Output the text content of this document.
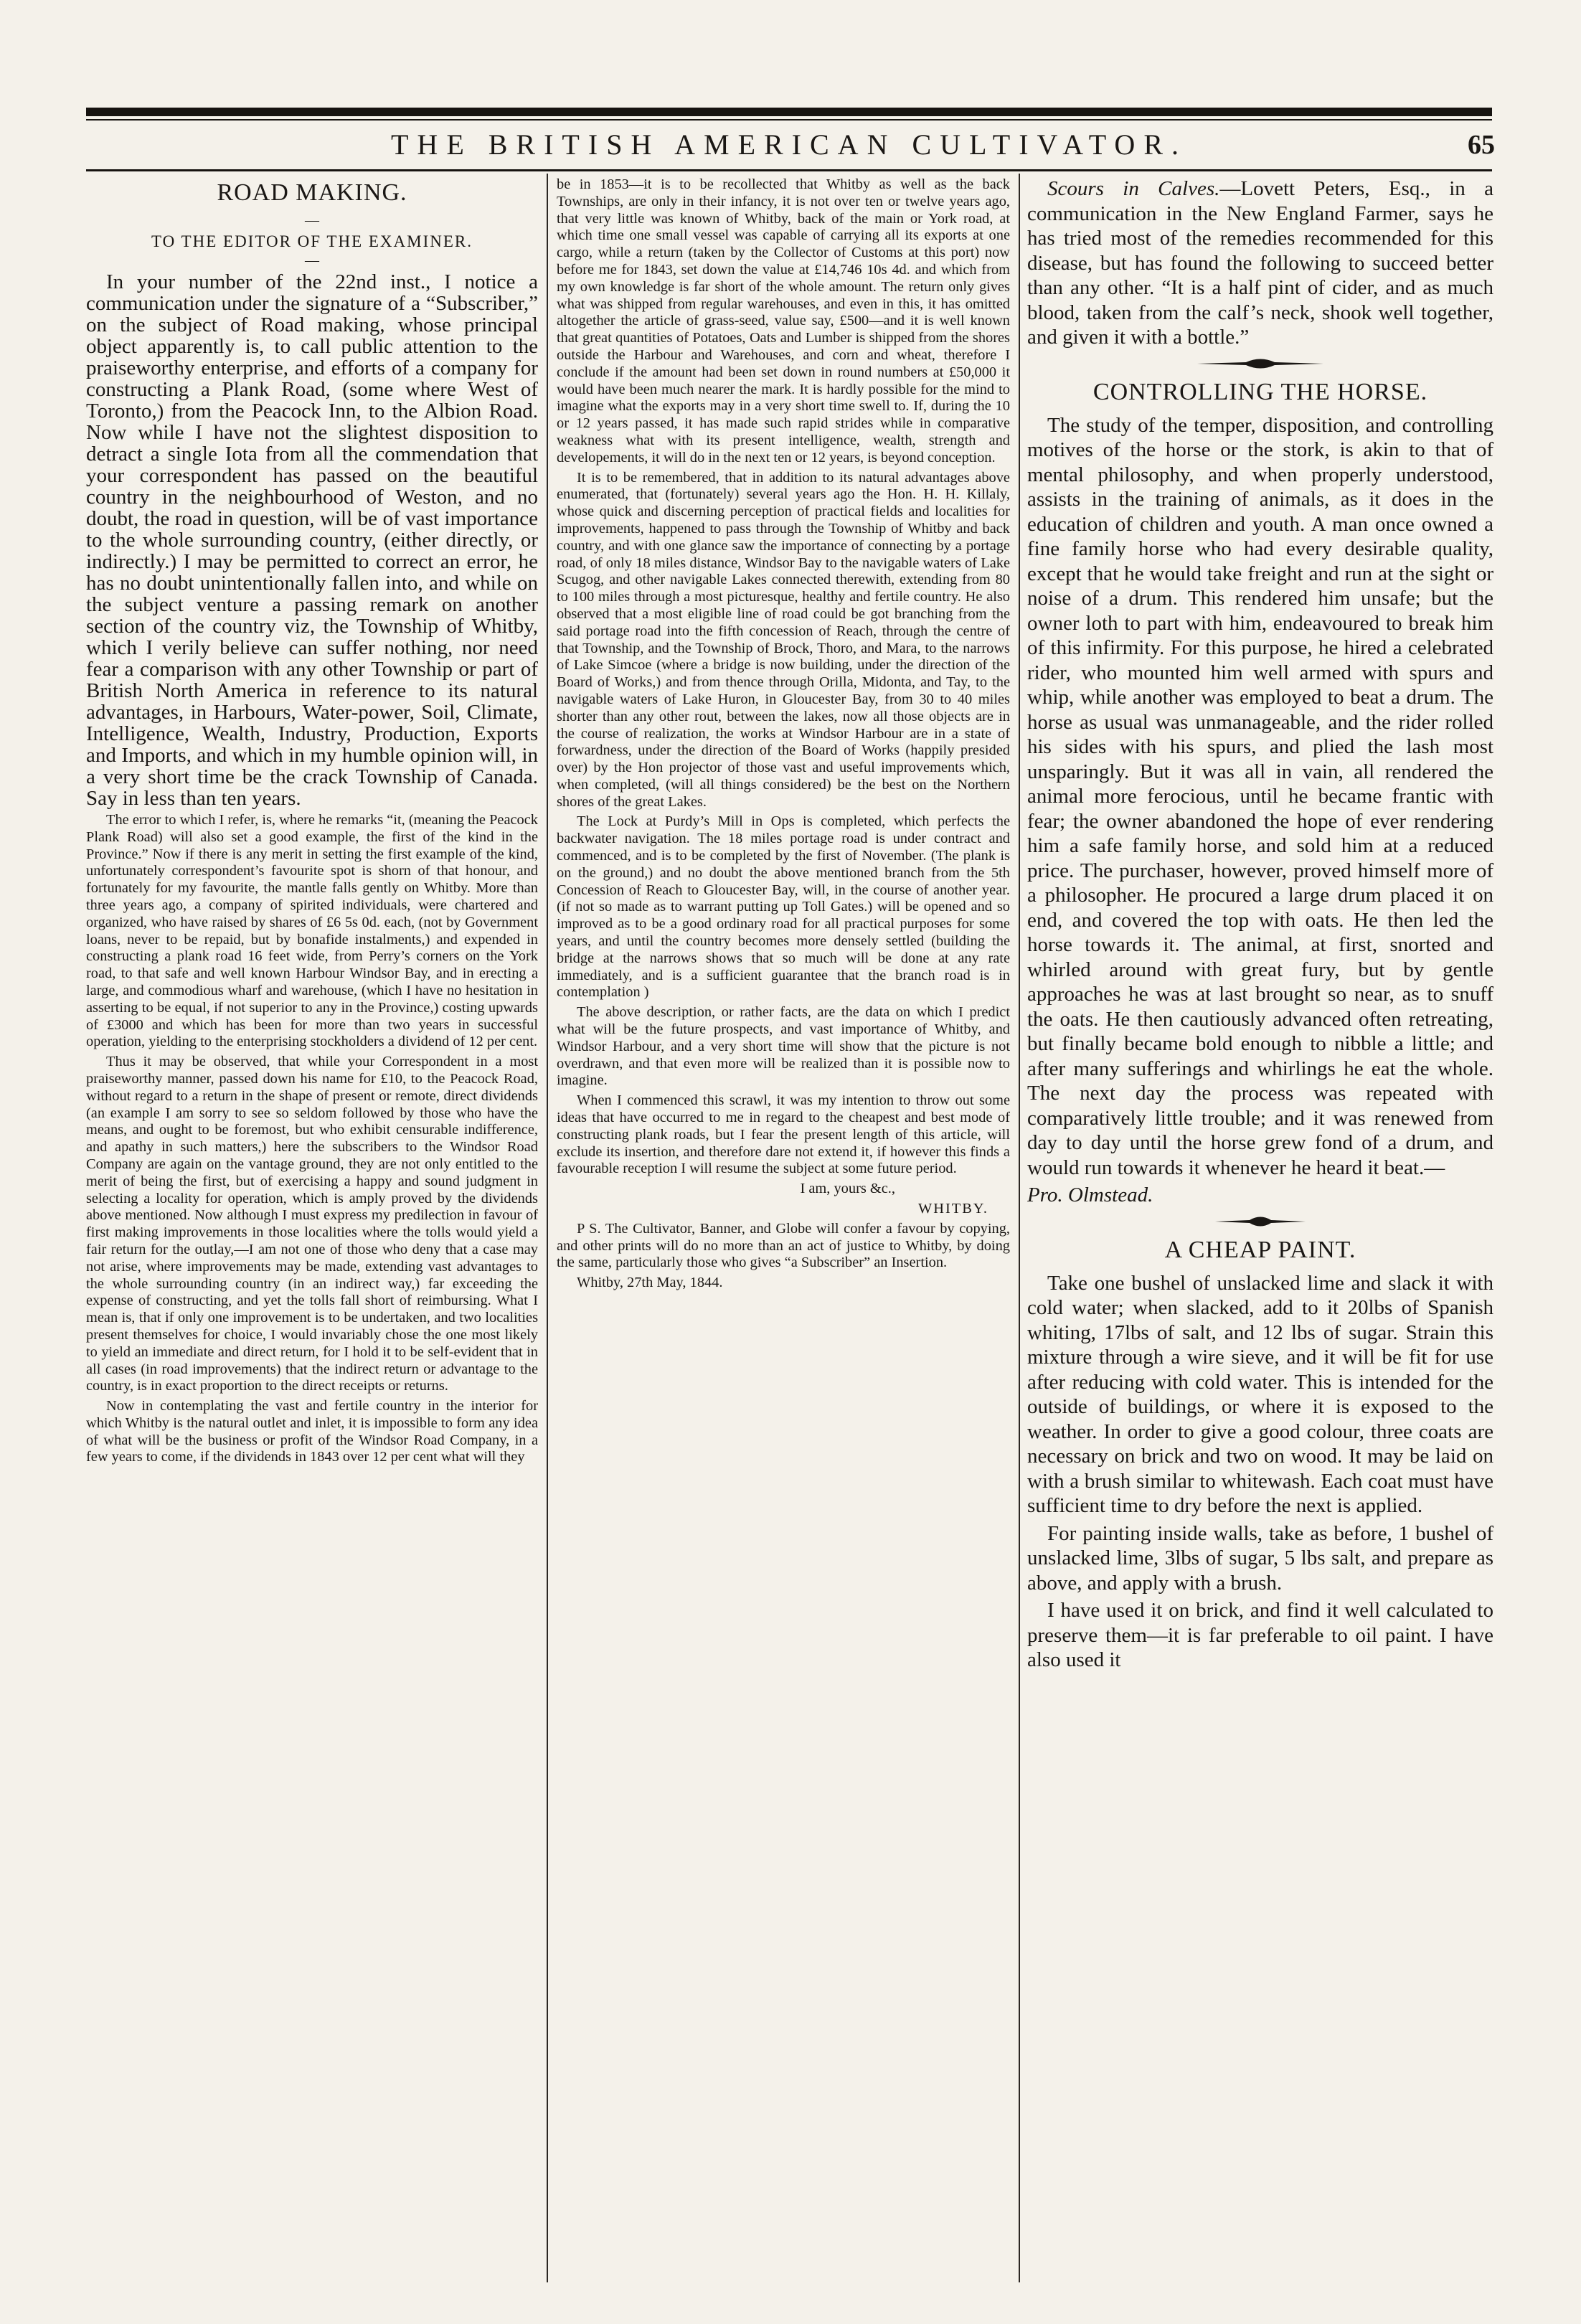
THE BRITISH AMERICAN CULTIVATOR.	65
ROAD MAKING.
—
TO THE EDITOR OF THE EXAMINER.
—

In your number of the 22nd inst., I notice a communication under the signature of a “Subscriber,” on the subject of Road making, whose principal object apparently is, to call public attention to the praiseworthy enterprise, and efforts of a company for constructing a Plank Road, (some where West of Toronto,) from the Peacock Inn, to the Albion Road. Now while I have not the slightest disposition to detract a single Iota from all the commendation that your correspondent has passed on the beautiful country in the neighbourhood of Weston, and no doubt, the road in question, will be of vast importance to the whole surrounding country, (either directly, or indirectly.) I may be permitted to correct an error, he has no doubt unintentionally fallen into, and while on the subject venture a passing remark on another section of the country viz, the Township of Whitby, which I verily believe can suffer nothing, nor need fear a comparison with any other Township or part of British North America in reference to its natural advantages, in Harbours, Water-power, Soil, Climate, Intelligence, Wealth, Industry, Production, Exports and Imports, and which in my humble opinion will, in a very short time be the crack Township of Canada. Say in less than ten years.

The error to which I refer, is, where he remarks “it, (meaning the Peacock Plank Road) will also set a good example, the first of the kind in the Province.” Now if there is any merit in setting the first example of the kind, unfortunately correspondent’s favourite spot is shorn of that honour, and fortunately for my favourite, the mantle falls gently on Whitby. More than three years ago, a company of spirited individuals, were chartered and organized, who have raised by shares of £6 5s 0d. each, (not by Government loans, never to be repaid, but by bonafide instalments,) and expended in constructing a plank road 16 feet wide, from Perry’s corners on the York road, to that safe and well known Harbour Windsor Bay, and in erecting a large, and commodious wharf and warehouse, (which I have no hesitation in asserting to be equal, if not superior to any in the Province,) costing upwards of £3000 and which has been for more than two years in successful operation, yielding to the enterprising stockholders a dividend of 12 per cent.

Thus it may be observed, that while your Correspondent in a most praiseworthy manner, passed down his name for £10, to the Peacock Road, without regard to a return in the shape of present or remote, direct dividends (an example I am sorry to see so seldom followed by those who have the means, and ought to be foremost, but who exhibit censurable indifference, and apathy in such matters,) here the subscribers to the Windsor Road Company are again on the vantage ground, they are not only entitled to the merit of being the first, but of exercising a happy and sound judgment in selecting a locality for operation, which is amply proved by the dividends above mentioned. Now although I must express my predilection in favour of first making improvements in those localities where the tolls would yield a fair return for the outlay,—I am not one of those who deny that a case may not arise, where improvements may be made, extending vast advantages to the whole surrounding country (in an indirect way,) far exceeding the expense of constructing, and yet the tolls fall short of reimbursing. What I mean is, that if only one improvement is to be undertaken, and two localities present themselves for choice, I would invariably chose the one most likely to yield an immediate and direct return, for I hold it to be self-evident that in all cases (in road improvements) that the indirect return or advantage to the country, is in exact proportion to the direct receipts or returns.

Now in contemplating the vast and fertile country in the interior for which Whitby is the natural outlet and inlet, it is impossible to form any idea of what will be the business or profit of the Windsor Road Company, in a few years to come, if the dividends in 1843 over 12 per cent what will they

be in 1853—it is to be recollected that Whitby as well as the back Townships, are only in their infancy, it is not over ten or twelve years ago, that very little was known of Whitby, back of the main or York road, at which time one small vessel was capable of carrying all its exports at one cargo, while a return (taken by the Collector of Customs at this port) now before me for 1843, set down the value at £14,746 10s 4d. and which from my own knowledge is far short of the whole amount. The return only gives what was shipped from regular warehouses, and even in this, it has omitted altogether the article of grass-seed, value say, £500—and it is well known that great quantities of Potatoes, Oats and Lumber is shipped from the shores outside the Harbour and Warehouses, and corn and wheat, therefore I conclude if the amount had been set down in round numbers at £50,000 it would have been much nearer the mark. It is hardly possible for the mind to imagine what the exports may in a very short time swell to. If, during the 10 or 12 years passed, it has made such rapid strides while in comparative weakness what with its present intelligence, wealth, strength and developements, it will do in the next ten or 12 years, is beyond conception.

It is to be remembered, that in addition to its natural advantages above enumerated, that (fortunately) several years ago the Hon. H. H. Killaly, whose quick and discerning perception of practical fields and localities for improvements, happened to pass through the Township of Whitby and back country, and with one glance saw the importance of connecting by a portage road, of only 18 miles distance, Windsor Bay to the navigable waters of Lake Scugog, and other navigable Lakes connected therewith, extending from 80 to 100 miles through a most picturesque, healthy and fertile country. He also observed that a most eligible line of road could be got branching from the said portage road into the fifth concession of Reach, through the centre of that Township, and the Township of Brock, Thoro, and Mara, to the narrows of Lake Simcoe (where a bridge is now building, under the direction of the Board of Works,) and from thence through Orilla, Midonta, and Tay, to the navigable waters of Lake Huron, in Gloucester Bay, from 30 to 40 miles shorter than any other rout, between the lakes, now all those objects are in the course of realization, the works at Windsor Harbour are in a state of forwardness, under the direction of the Board of Works (happily presided over) by the Hon projector of those vast and useful improvements which, when completed, (will all things considered) be the best on the Northern shores of the great Lakes.

The Lock at Purdy’s Mill in Ops is completed, which perfects the backwater navigation. The 18 miles portage road is under contract and commenced, and is to be completed by the first of November. (The plank is on the ground,) and no doubt the above mentioned branch from the 5th Concession of Reach to Gloucester Bay, will, in the course of another year. (if not so made as to warrant putting up Toll Gates.) will be opened and so improved as to be a good ordinary road for all practical purposes for some years, and until the country becomes more densely settled (building the bridge at the narrows shows that so much will be done at any rate immediately, and is a sufficient guarantee that the branch road is in contemplation )

The above description, or rather facts, are the data on which I predict what will be the future prospects, and vast importance of Whitby, and Windsor Harbour, and a very short time will show that the picture is not overdrawn, and that even more will be realized than it is possible now to imagine.

When I commenced this scrawl, it was my intention to throw out some ideas that have occurred to me in regard to the cheapest and best mode of constructing plank roads, but I fear the present length of this article, will exclude its insertion, and therefore dare not extend it, if however this finds a favourable reception I will resume the subject at some future period.

I am, yours &c.,

WHITBY.

P S. The Cultivator, Banner, and Globe will confer a favour by copying, and other prints will do no more than an act of justice to Whitby, by doing the same, particularly those who gives “a Subscriber” an Insertion.

Whitby, 27th May, 1844.

Scours in Calves.—Lovett Peters, Esq., in a communication in the New England Farmer, says he has tried most of the remedies recommended for this disease, but has found the following to succeed better than any other. “It is a half pint of cider, and as much blood, taken from the calf’s neck, shook well together, and given it with a bottle.”

CONTROLLING THE HORSE.

The study of the temper, disposition, and controlling motives of the horse or the stork, is akin to that of mental philosophy, and when properly understood, assists in the training of animals, as it does in the education of children and youth. A man once owned a fine family horse who had every desirable quality, except that he would take freight and run at the sight or noise of a drum. This rendered him unsafe; but the owner loth to part with him, endeavoured to break him of this infirmity. For this purpose, he hired a celebrated rider, who mounted him well armed with spurs and whip, while another was employed to beat a drum. The horse as usual was unmanageable, and the rider rolled his sides with his spurs, and plied the lash most unsparingly. But it was all in vain, all rendered the animal more ferocious, until he became frantic with fear; the owner abandoned the hope of ever rendering him a safe family horse, and sold him at a reduced price. The purchaser, however, proved himself more of a philosopher. He procured a large drum placed it on end, and covered the top with oats. He then led the horse towards it. The animal, at first, snorted and whirled around with great fury, but by gentle approaches he was at last brought so near, as to snuff the oats. He then cautiously advanced often retreating, but finally became bold enough to nibble a little; and after many sufferings and whirlings he eat the whole. The next day the process was repeated with comparatively little trouble; and it was renewed from day to day until the horse grew fond of a drum, and would run towards it whenever he heard it beat.—

Pro. Olmstead.

A CHEAP PAINT.

Take one bushel of unslacked lime and slack it with cold water; when slacked, add to it 20lbs of Spanish whiting, 17lbs of salt, and 12 lbs of sugar. Strain this mixture through a wire sieve, and it will be fit for use after reducing with cold water. This is intended for the outside of buildings, or where it is exposed to the weather. In order to give a good colour, three coats are necessary on brick and two on wood. It may be laid on with a brush similar to whitewash. Each coat must have sufficient time to dry before the next is applied.

For painting inside walls, take as before, 1 bushel of unslacked lime, 3lbs of sugar, 5 lbs salt, and prepare as above, and apply with a brush.

I have used it on brick, and find it well calculated to preserve them—it is far preferable to oil paint. I have also used it
